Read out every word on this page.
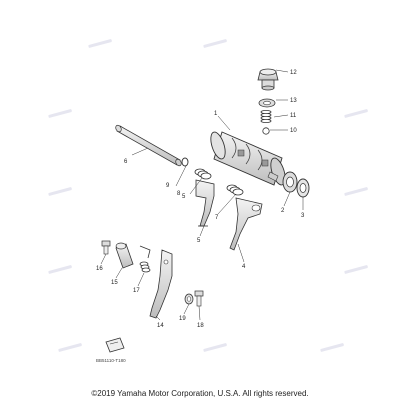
1
2
3
4
5
5
6
7
8
9
10
11
12
13
14
15
16
17
18
19
BB51110-T180
©2019 Yamaha Motor Corporation, U.S.A. All rights reserved.
